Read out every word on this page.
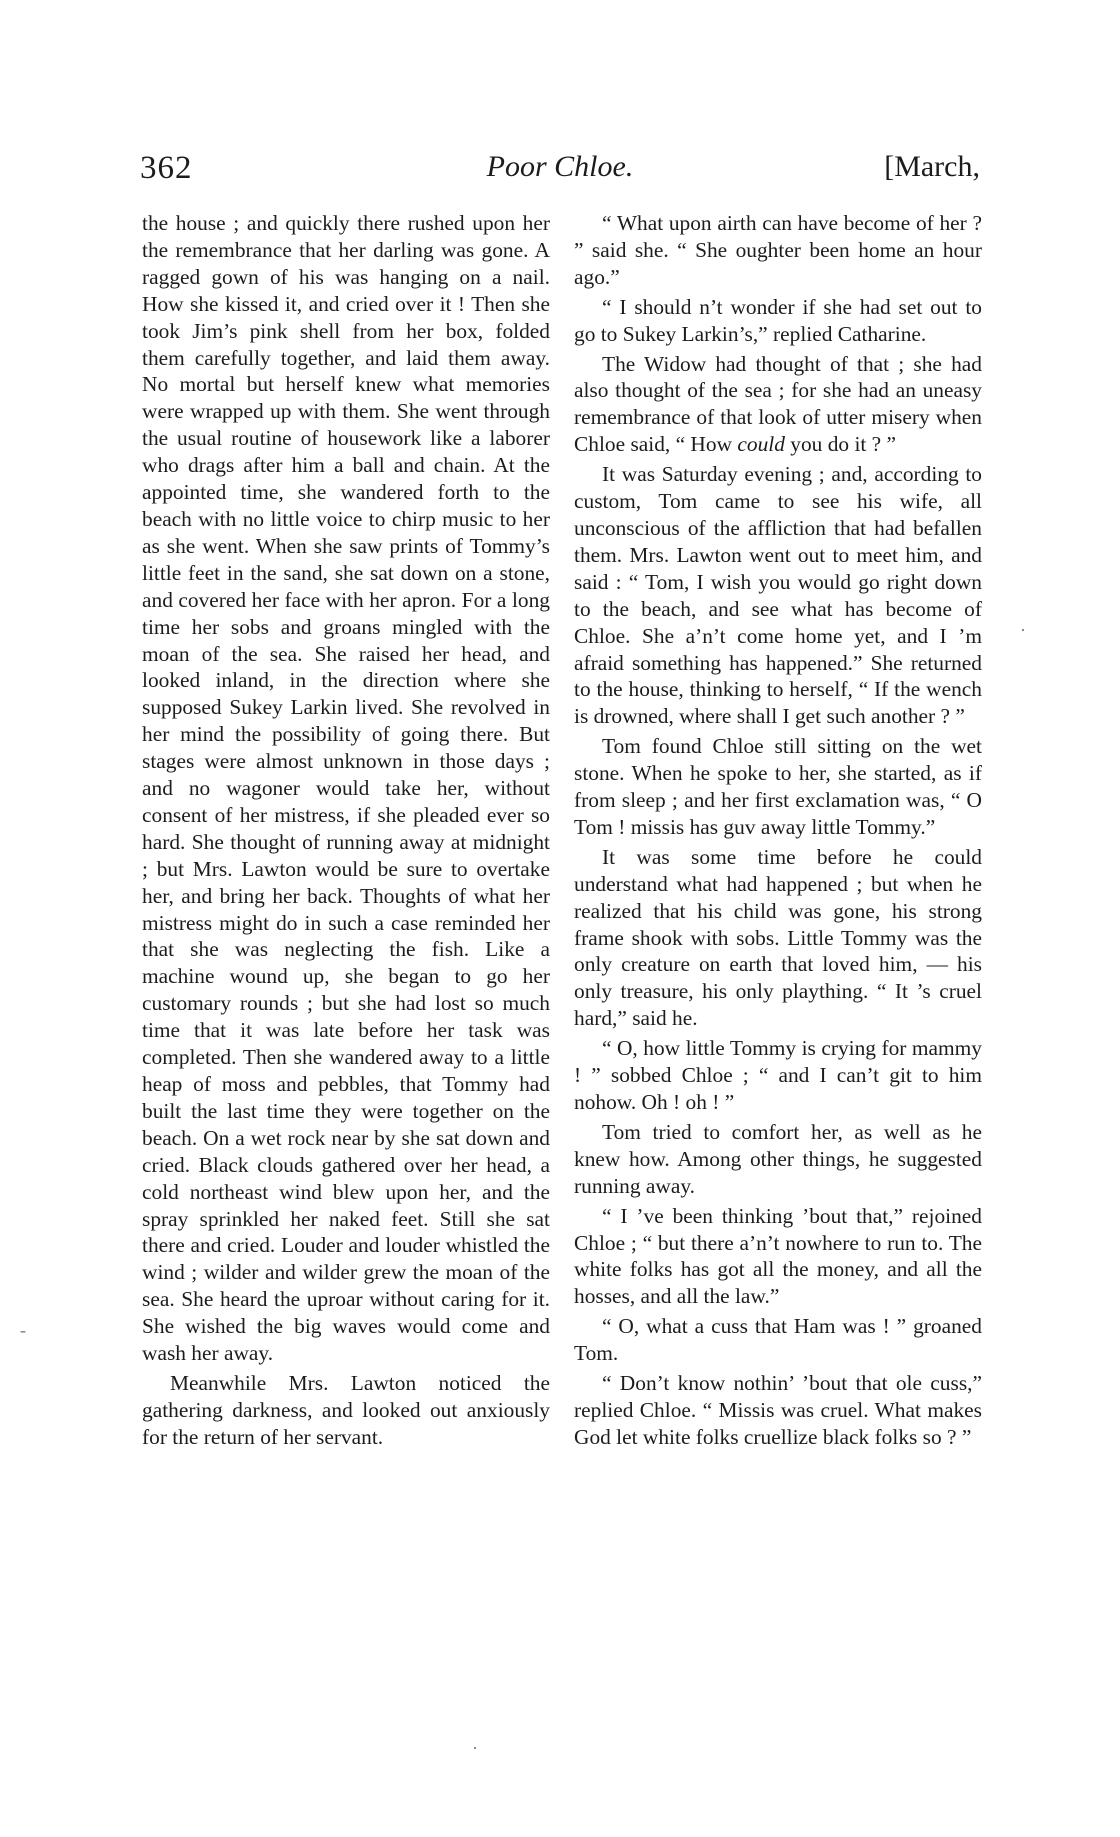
362	Poor Chloe.	[March,

the house ; and quickly there rushed upon her the remembrance that her darling was gone. A ragged gown of his was hanging on a nail. How she kissed it, and cried over it ! Then she took Jim’s pink shell from her box, folded them carefully together, and laid them away. No mortal but herself knew what memories were wrapped up with them. She went through the usual routine of housework like a laborer who drags after him a ball and chain. At the appointed time, she wandered forth to the beach with no little voice to chirp music to her as she went. When she saw prints of Tommy’s little feet in the sand, she sat down on a stone, and covered her face with her apron. For a long time her sobs and groans mingled with the moan of the sea. She raised her head, and looked inland, in the direction where she supposed Sukey Larkin lived. She revolved in her mind the possibility of going there. But stages were almost unknown in those days ; and no wagoner would take her, without consent of her mistress, if she pleaded ever so hard. She thought of running away at midnight ; but Mrs. Lawton would be sure to overtake her, and bring her back. Thoughts of what her mistress might do in such a case reminded her that she was neglecting the fish. Like a machine wound up, she began to go her customary rounds ; but she had lost so much time that it was late before her task was completed. Then she wandered away to a little heap of moss and pebbles, that Tommy had built the last time they were together on the beach. On a wet rock near by she sat down and cried. Black clouds gathered over her head, a cold northeast wind blew upon her, and the spray sprinkled her naked feet. Still she sat there and cried. Louder and louder whistled the wind ; wilder and wilder grew the moan of the sea. She heard the uproar without caring for it. She wished the big waves would come and wash her away.

Meanwhile Mrs. Lawton noticed the gathering darkness, and looked out anxiously for the return of her servant.

“ What upon airth can have become of her ? ” said she. “ She oughter been home an hour ago.”

“ I should n’t wonder if she had set out to go to Sukey Larkin’s,” replied Catharine.

The Widow had thought of that ; she had also thought of the sea ; for she had an uneasy remembrance of that look of utter misery when Chloe said, “ How could you do it ? ”

It was Saturday evening ; and, according to custom, Tom came to see his wife, all unconscious of the affliction that had befallen them. Mrs. Lawton went out to meet him, and said : “ Tom, I wish you would go right down to the beach, and see what has become of Chloe. She a’n’t come home yet, and I ’m afraid something has happened.” She returned to the house, thinking to herself, “ If the wench is drowned, where shall I get such another ? ”

Tom found Chloe still sitting on the wet stone. When he spoke to her, she started, as if from sleep ; and her first exclamation was, “ O Tom ! missis has guv away little Tommy.”

It was some time before he could understand what had happened ; but when he realized that his child was gone, his strong frame shook with sobs. Little Tommy was the only creature on earth that loved him, — his only treasure, his only plaything. “ It ’s cruel hard,” said he.

“ O, how little Tommy is crying for mammy ! ” sobbed Chloe ; “ and I can’t git to him nohow. Oh ! oh ! ”

Tom tried to comfort her, as well as he knew how. Among other things, he suggested running away.

“ I ’ve been thinking ’bout that,” rejoined Chloe ; “ but there a’n’t nowhere to run to. The white folks has got all the money, and all the hosses, and all the law.”

“ O, what a cuss that Ham was ! ” groaned Tom.

“ Don’t know nothin’ ’bout that ole cuss,” replied Chloe. “ Missis was cruel. What makes God let white folks cruellize black folks so ? ”

·
-
·
